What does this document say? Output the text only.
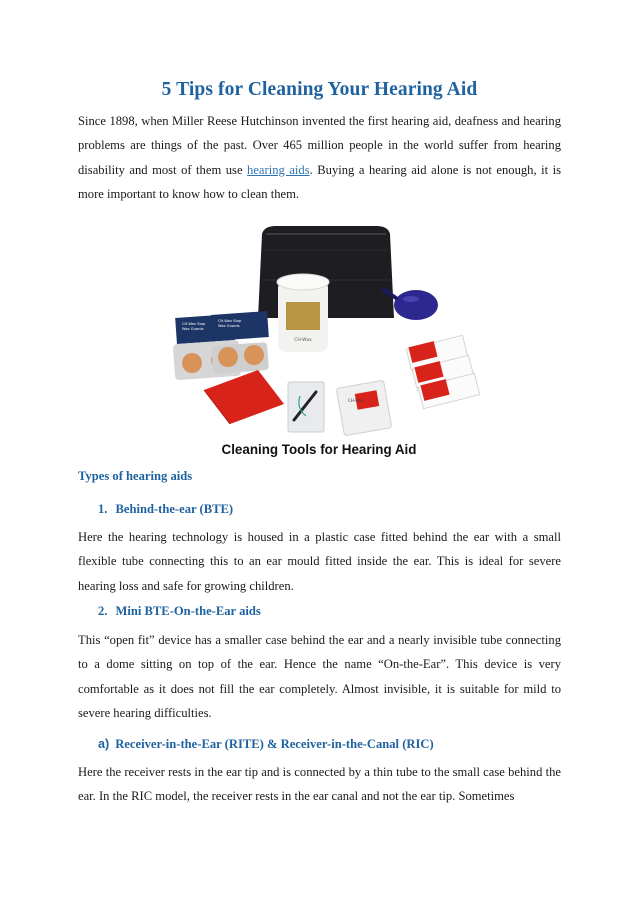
5 Tips for Cleaning Your Hearing Aid

Since 1898, when Miller Reese Hutchinson invented the first hearing aid, deafness and hearing problems are things of the past. Over 465 million people in the world suffer from hearing disability and most of them use hearing aids. Buying a hearing aid alone is not enough, it is more important to know how to clean them.

CH-Wax
CH-Wax Stop
Wax Guards
CH-Wax Stop
Wax Guards
CH-Wax
Cleaning Tools for Hearing Aid
Types of hearing aids
1. Behind-the-ear (BTE)

Here the hearing technology is housed in a plastic case fitted behind the ear with a small flexible tube connecting this to an ear mould fitted inside the ear. This is ideal for severe hearing loss and safe for growing children.

2. Mini BTE-On-the-Ear aids

This “open fit” device has a smaller case behind the ear and a nearly invisible tube connecting to a dome sitting on top of the ear. Hence the name “On-the-Ear”. This device is very comfortable as it does not fill the ear completely. Almost invisible, it is suitable for mild to severe hearing difficulties.

a) Receiver-in-the-Ear (RITE) & Receiver-in-the-Canal (RIC)

Here the receiver rests in the ear tip and is connected by a thin tube to the small case behind the ear. In the RIC model, the receiver rests in the ear canal and not the ear tip. Sometimes
